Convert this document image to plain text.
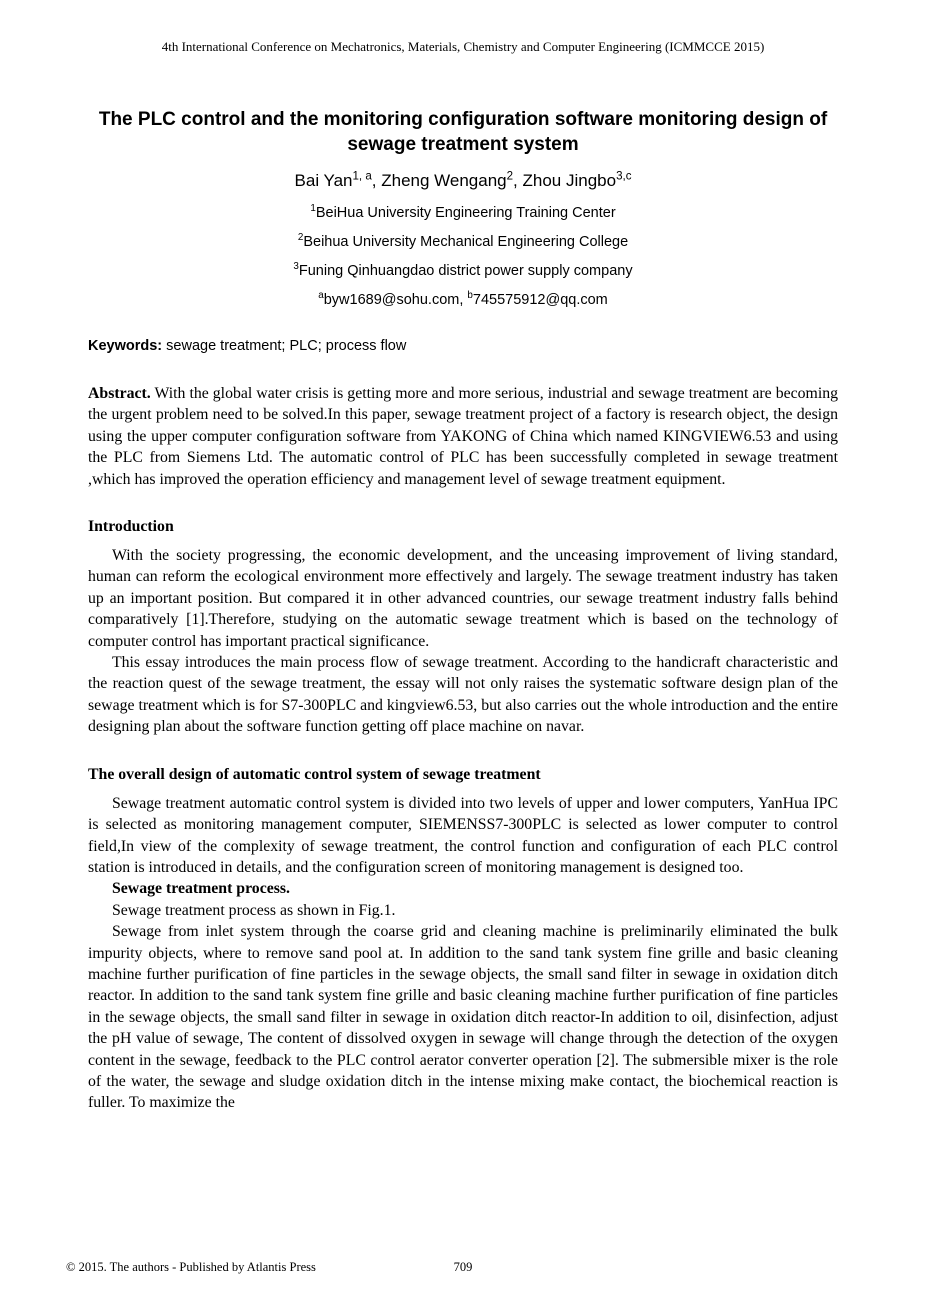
4th International Conference on Mechatronics, Materials, Chemistry and Computer Engineering (ICMMCCE 2015)
The PLC control and the monitoring configuration software monitoring design of sewage treatment system
Bai Yan$^{1, a}$, Zheng Wengang$^2$, Zhou Jingbo$^{3,c}$
$^1$BeiHua University Engineering Training Center
$^2$Beihua University Mechanical Engineering College
$^3$Funing Qinhuangdao district power supply company
$^a$byw1689@sohu.com, $^b$745575912@qq.com

Keywords: sewage treatment; PLC; process flow

Abstract. With the global water crisis is getting more and more serious, industrial and sewage treatment are becoming the urgent problem need to be solved.In this paper, sewage treatment project of a factory is research object, the design using the upper computer configuration software from YAKONG of China which named KINGVIEW6.53 and using the PLC from Siemens Ltd. The automatic control of PLC has been successfully completed in sewage treatment ,which has improved the operation efficiency and management level of sewage treatment equipment.

Introduction

With the society progressing, the economic development, and the unceasing improvement of living standard, human can reform the ecological environment more effectively and largely. The sewage treatment industry has taken up an important position. But compared it in other advanced countries, our sewage treatment industry falls behind comparatively [1].Therefore, studying on the automatic sewage treatment which is based on the technology of computer control has important practical significance.

This essay introduces the main process flow of sewage treatment. According to the handicraft characteristic and the reaction quest of the sewage treatment, the essay will not only raises the systematic software design plan of the sewage treatment which is for S7-300PLC and kingview6.53, but also carries out the whole introduction and the entire designing plan about the software function getting off place machine on navar.

The overall design of automatic control system of sewage treatment

Sewage treatment automatic control system is divided into two levels of upper and lower computers, YanHua IPC is selected as monitoring management computer, SIEMENSS7-300PLC is selected as lower computer to control field,In view of the complexity of sewage treatment, the control function and configuration of each PLC control station is introduced in details, and the configuration screen of monitoring management is designed too.

Sewage treatment process.

Sewage treatment process as shown in Fig.1.

Sewage from inlet system through the coarse grid and cleaning machine is preliminarily eliminated the bulk impurity objects, where to remove sand pool at. In addition to the sand tank system fine grille and basic cleaning machine further purification of fine particles in the sewage objects, the small sand filter in sewage in oxidation ditch reactor. In addition to the sand tank system fine grille and basic cleaning machine further purification of fine particles in the sewage objects, the small sand filter in sewage in oxidation ditch reactor-In addition to oil, disinfection, adjust the pH value of sewage, The content of dissolved oxygen in sewage will change through the detection of the oxygen content in the sewage, feedback to the PLC control aerator converter operation [2]. The submersible mixer is the role of the water, the sewage and sludge oxidation ditch in the intense mixing make contact, the biochemical reaction is fuller. To maximize the

© 2015. The authors - Published by Atlantis Press	709
